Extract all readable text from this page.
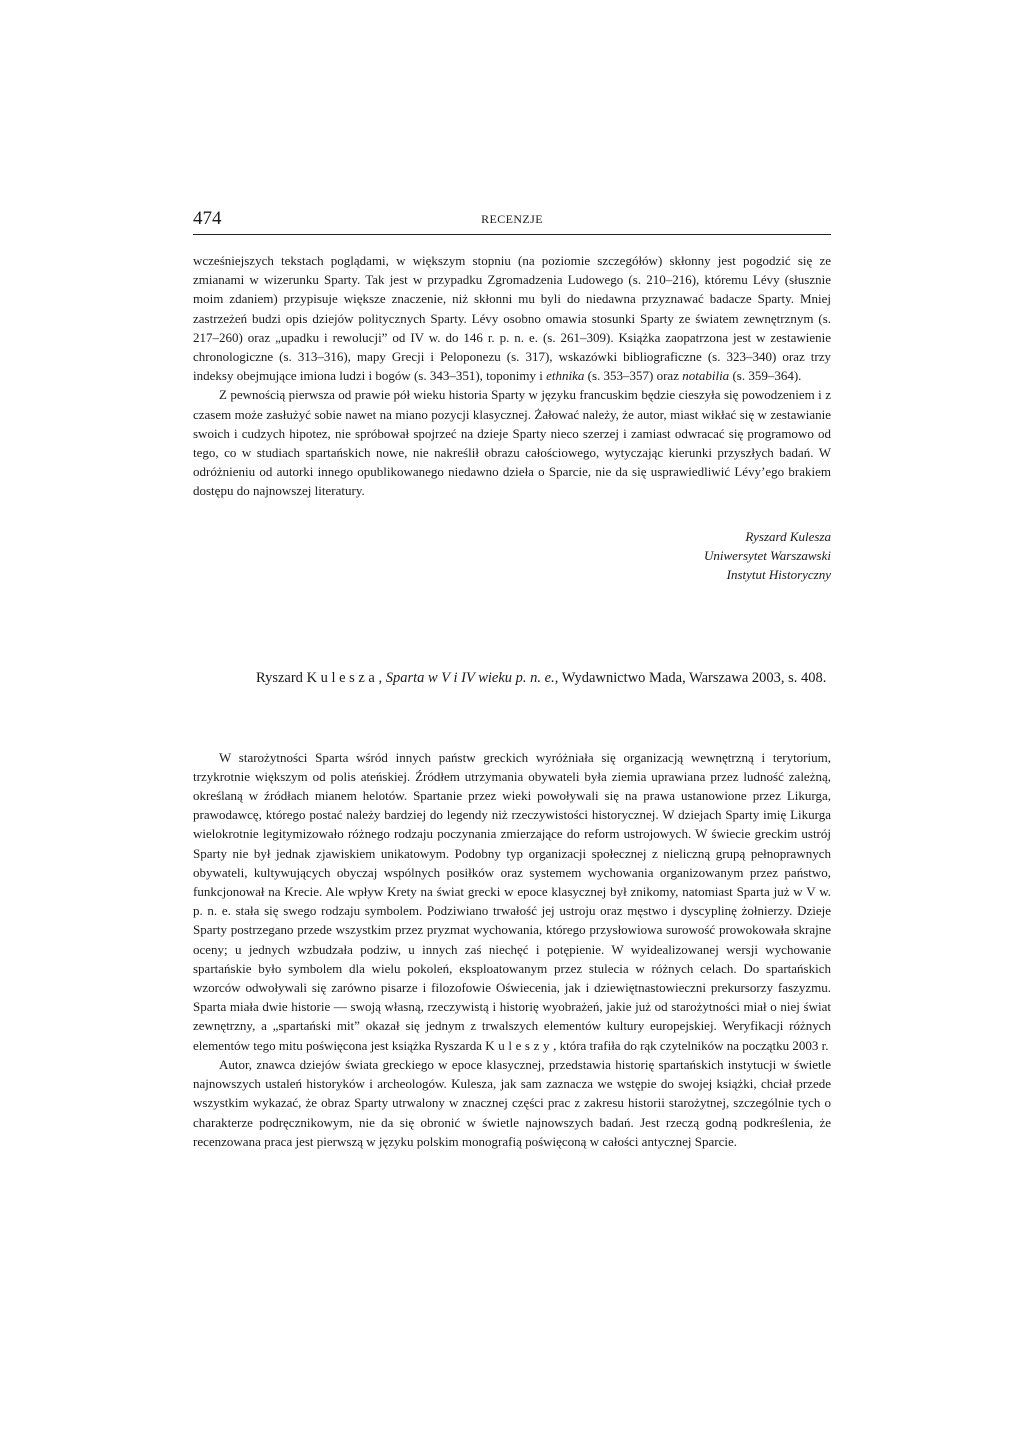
474	RECENZJE

wcześniejszych tekstach poglądami, w większym stopniu (na poziomie szczegółów) skłonny jest pogodzić się ze zmianami w wizerunku Sparty. Tak jest w przypadku Zgromadzenia Ludowego (s. 210–216), któremu Lévy (słusznie moim zdaniem) przypisuje większe znaczenie, niż skłonni mu byli do niedawna przyznawać badacze Sparty. Mniej zastrzeżeń budzi opis dziejów politycznych Sparty. Lévy osobno omawia stosunki Sparty ze światem zewnętrznym (s. 217–260) oraz „upadku i rewolucji” od IV w. do 146 r. p. n. e. (s. 261–309). Książka zaopatrzona jest w zestawienie chronologiczne (s. 313–316), mapy Grecji i Peloponezu (s. 317), wskazówki bibliograficzne (s. 323–340) oraz trzy indeksy obejmujące imiona ludzi i bogów (s. 343–351), toponimy i ethnika (s. 353–357) oraz notabilia (s. 359–364).

Z pewnością pierwsza od prawie pół wieku historia Sparty w języku francuskim będzie cieszyła się powodzeniem i z czasem może zasłużyć sobie nawet na miano pozycji klasycznej. Żałować należy, że autor, miast wikłać się w zestawianie swoich i cudzych hipotez, nie spróbował spojrzeć na dzieje Sparty nieco szerzej i zamiast odwracać się programowo od tego, co w studiach spartańskich nowe, nie nakreślił obrazu całościowego, wytyczając kierunki przyszłych badań. W odróżnieniu od autorki innego opublikowanego niedawno dzieła o Sparcie, nie da się usprawiedliwić Lévy’ego brakiem dostępu do najnowszej literatury.

Ryszard Kulesza
Uniwersytet Warszawski
Instytut Historyczny
Ryszard Kulesza, Sparta w V i IV wieku p. n. e., Wydawnictwo Mada, Warszawa 2003, s. 408.

W starożytności Sparta wśród innych państw greckich wyróżniała się organizacją wewnętrzną i terytorium, trzykrotnie większym od polis ateńskiej. Źródłem utrzymania obywateli była ziemia uprawiana przez ludność zależną, określaną w źródłach mianem helotów. Spartanie przez wieki powoływali się na prawa ustanowione przez Likurga, prawodawcę, którego postać należy bardziej do legendy niż rzeczywistości historycznej. W dziejach Sparty imię Likurga wielokrotnie legitymizowało różnego rodzaju poczynania zmierzające do reform ustrojowych. W świecie greckim ustrój Sparty nie był jednak zjawiskiem unikatowym. Podobny typ organizacji społecznej z nieliczną grupą pełnoprawnych obywateli, kultywujących obyczaj wspólnych posiłków oraz systemem wychowania organizowanym przez państwo, funkcjonował na Krecie. Ale wpływ Krety na świat grecki w epoce klasycznej był znikomy, natomiast Sparta już w V w. p. n. e. stała się swego rodzaju symbolem. Podziwiano trwałość jej ustroju oraz męstwo i dyscyplinę żołnierzy. Dzieje Sparty postrzegano przede wszystkim przez pryzmat wychowania, którego przysłowiowa surowość prowokowała skrajne oceny; u jednych wzbudzała podziw, u innych zaś niechęć i potępienie. W wyidealizowanej wersji wychowanie spartańskie było symbolem dla wielu pokoleń, eksploatowanym przez stulecia w różnych celach. Do spartańskich wzorców odwoływali się zarówno pisarze i filozofowie Oświecenia, jak i dziewiętnastowieczni prekursorzy faszyzmu. Sparta miała dwie historie — swoją własną, rzeczywistą i historię wyobrażeń, jakie już od starożytności miał o niej świat zewnętrzny, a „spartański mit” okazał się jednym z trwalszych elementów kultury europejskiej. Weryfikacji różnych elementów tego mitu poświęcona jest książka Ryszarda Kuleszy, która trafiła do rąk czytelników na początku 2003 r.

Autor, znawca dziejów świata greckiego w epoce klasycznej, przedstawia historię spartańskich instytucji w świetle najnowszych ustaleń historyków i archeologów. Kulesza, jak sam zaznacza we wstępie do swojej książki, chciał przede wszystkim wykazać, że obraz Sparty utrwalony w znacznej części prac z zakresu historii starożytnej, szczególnie tych o charakterze podręcznikowym, nie da się obronić w świetle najnowszych badań. Jest rzeczą godną podkreślenia, że recenzowana praca jest pierwszą w języku polskim monografią poświęconą w całości antycznej Sparcie.
